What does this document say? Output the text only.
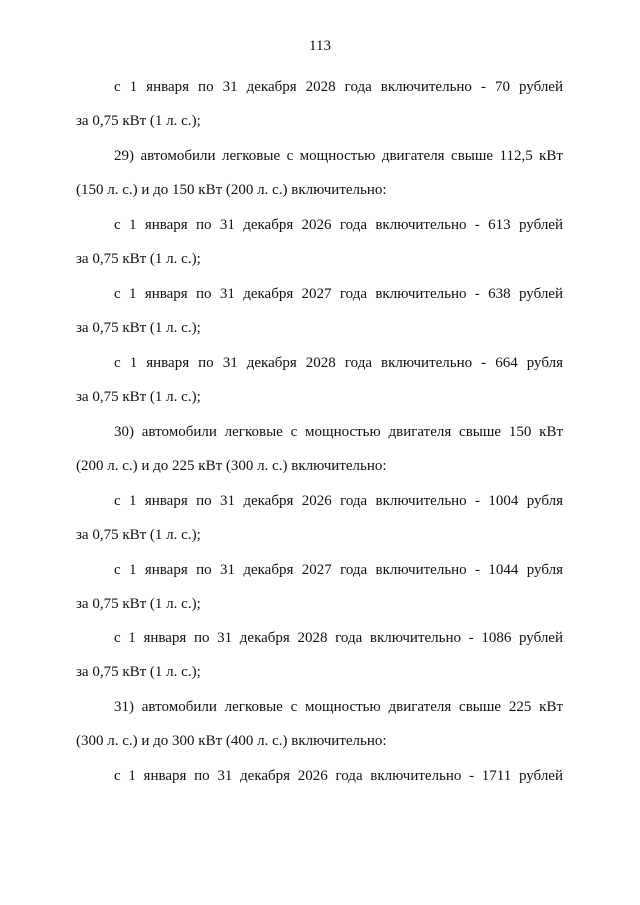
113
с 1 января по 31 декабря 2028 года включительно - 70 рублей
за 0,75 кВт (1 л. с.);
29) автомобили легковые с мощностью двигателя свыше 112,5 кВт
(150 л. с.) и до 150 кВт (200 л. с.) включительно:
с 1 января по 31 декабря 2026 года включительно - 613 рублей
за 0,75 кВт (1 л. с.);
с 1 января по 31 декабря 2027 года включительно - 638 рублей
за 0,75 кВт (1 л. с.);
с 1 января по 31 декабря 2028 года включительно - 664 рубля
за 0,75 кВт (1 л. с.);
30) автомобили легковые с мощностью двигателя свыше 150 кВт
(200 л. с.) и до 225 кВт (300 л. с.) включительно:
с 1 января по 31 декабря 2026 года включительно - 1004 рубля
за 0,75 кВт (1 л. с.);
с 1 января по 31 декабря 2027 года включительно - 1044 рубля
за 0,75 кВт (1 л. с.);
с 1 января по 31 декабря 2028 года включительно - 1086 рублей
за 0,75 кВт (1 л. с.);
31) автомобили легковые с мощностью двигателя свыше 225 кВт
(300 л. с.) и до 300 кВт (400 л. с.) включительно:
с 1 января по 31 декабря 2026 года включительно - 1711 рублей
